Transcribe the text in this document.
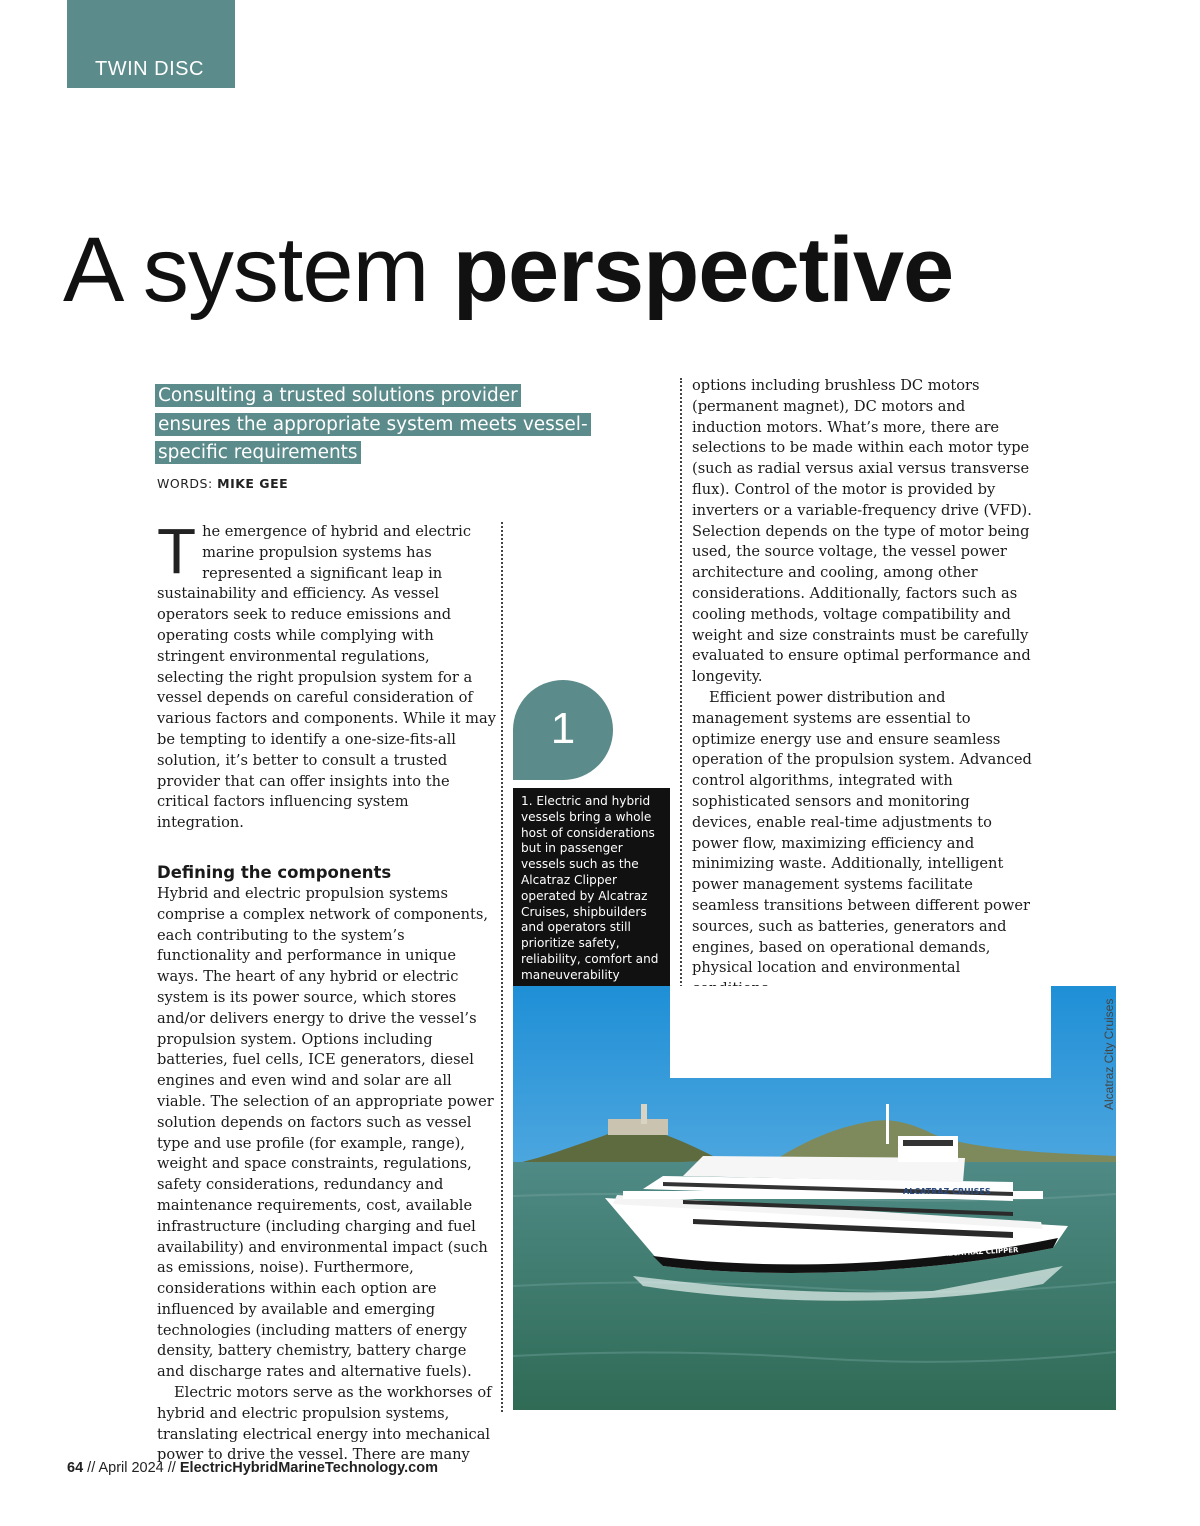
TWIN DISC
A system perspective
Consulting a trusted solutions provider ensures the appropriate system meets vessel-specific requirements
WORDS: MIKE GEE

The emergence of hybrid and electric marine propulsion systems has represented a significant leap in sustainability and efficiency. As vessel operators seek to reduce emissions and operating costs while complying with stringent environmental regulations, selecting the right propulsion system for a vessel depends on careful consideration of various factors and components. While it may be tempting to identify a one-size-fits-all solution, it’s better to consult a trusted provider that can offer insights into the critical factors influencing system integration.

Defining the components

Hybrid and electric propulsion systems comprise a complex network of components, each contributing to the system’s functionality and performance in unique ways. The heart of any hybrid or electric system is its power source, which stores and/or delivers energy to drive the vessel’s propulsion system. Options including batteries, fuel cells, ICE generators, diesel engines and even wind and solar are all viable. The selection of an appropriate power solution depends on factors such as vessel type and use profile (for example, range), weight and space constraints, regulations, safety considerations, redundancy and maintenance requirements, cost, available infrastructure (including charging and fuel availability) and environmental impact (such as emissions, noise). Furthermore, considerations within each option are influenced by available and emerging technologies (including matters of energy density, battery chemistry, battery charge and discharge rates and alternative fuels).

Electric motors serve as the workhorses of hybrid and electric propulsion systems, translating electrical energy into mechanical power to drive the vessel. There are many

options including brushless DC motors (permanent magnet), DC motors and induction motors. What’s more, there are selections to be made within each motor type (such as radial versus axial versus transverse flux). Control of the motor is provided by inverters or a variable-frequency drive (VFD). Selection depends on the type of motor being used, the source voltage, the vessel power architecture and cooling, among other considerations. Additionally, factors such as cooling methods, voltage compatibility and weight and size constraints must be carefully evaluated to ensure optimal performance and longevity.

Efficient power distribution and management systems are essential to optimize energy use and ensure seamless operation of the propulsion system. Advanced control algorithms, integrated with sophisticated sensors and monitoring devices, enable real-time adjustments to power flow, maximizing efficiency and minimizing waste. Additionally, intelligent power management systems facilitate seamless transitions between different power sources, such as batteries, generators and engines, based on operational demands, physical location and environmental

ALCATRAZ CRUISES
ALCATRAZ CLIPPER
1
1. Electric and hybrid vessels bring a whole host of considerations but in passenger vessels such as the Alcatraz Clipper operated by Alcatraz Cruises, shipbuilders and operators still prioritize safety, reliability, comfort and maneuverability
Alcatraz City Cruises
64 // April 2024 // ElectricHybridMarineTechnology.com
